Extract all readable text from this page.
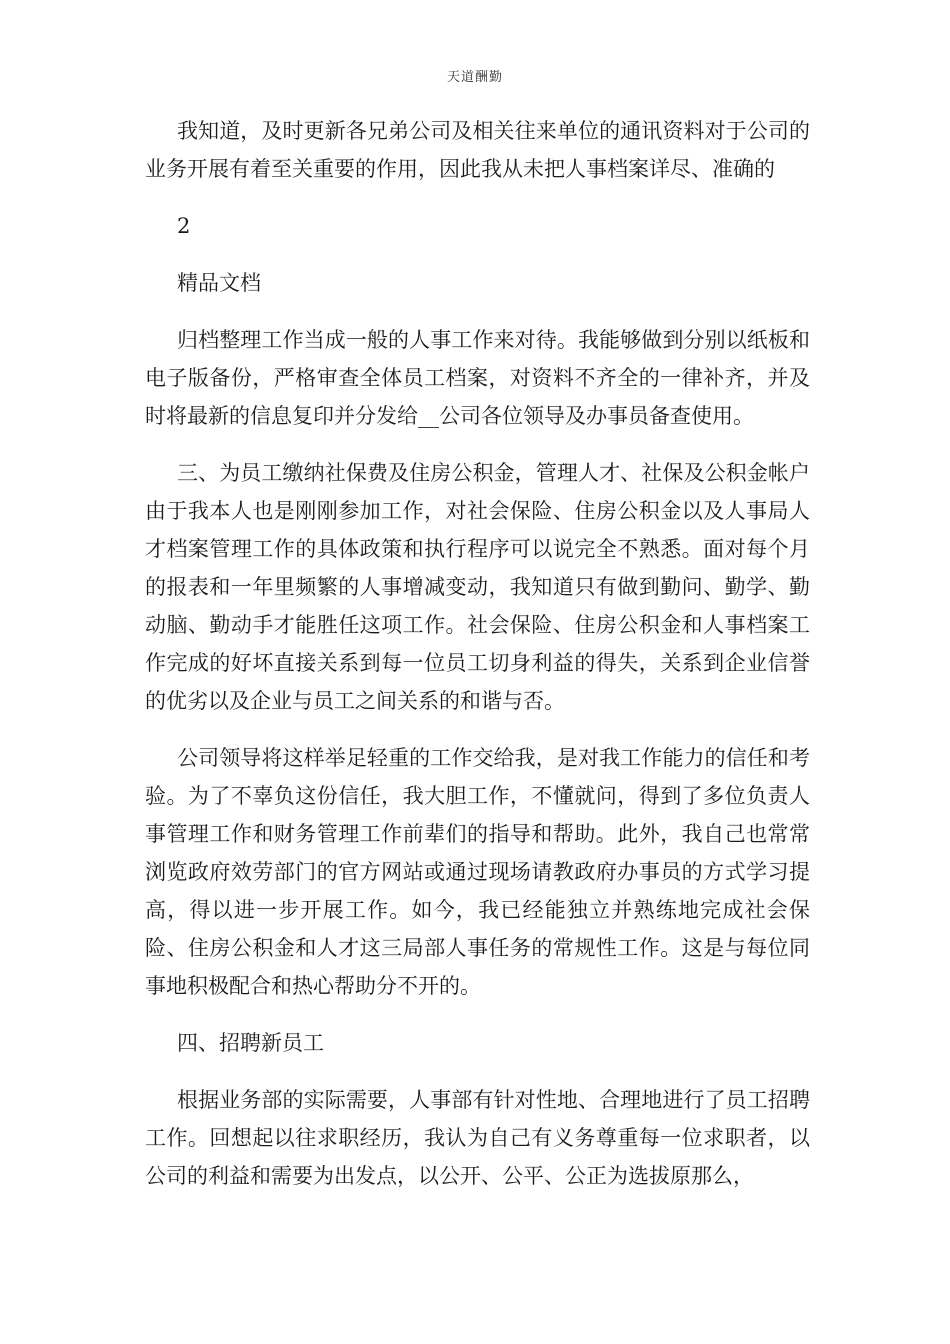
天道酬勤

我知道，及时更新各兄弟公司及相关往来单位的通讯资料对于公司的业务开展有着至关重要的作用，因此我从未把人事档案详尽、准确的

2

精品文档

归档整理工作当成一般的人事工作来对待。我能够做到分别以纸板和电子版备份，严格审查全体员工档案，对资料不齐全的一律补齐，并及时将最新的信息复印并分发给__公司各位领导及办事员备查使用。

三、为员工缴纳社保费及住房公积金，管理人才、社保及公积金帐户由于我本人也是刚刚参加工作，对社会保险、住房公积金以及人事局人才档案管理工作的具体政策和执行程序可以说完全不熟悉。面对每个月的报表和一年里频繁的人事增减变动，我知道只有做到勤问、勤学、勤动脑、勤动手才能胜任这项工作。社会保险、住房公积金和人事档案工作完成的好坏直接关系到每一位员工切身利益的得失，关系到企业信誉的优劣以及企业与员工之间关系的和谐与否。

公司领导将这样举足轻重的工作交给我，是对我工作能力的信任和考验。为了不辜负这份信任，我大胆工作，不懂就问，得到了多位负责人事管理工作和财务管理工作前辈们的指导和帮助。此外，我自己也常常浏览政府效劳部门的官方网站或通过现场请教政府办事员的方式学习提高，得以进一步开展工作。如今，我已经能独立并熟练地完成社会保险、住房公积金和人才这三局部人事任务的常规性工作。这是与每位同事地积极配合和热心帮助分不开的。

四、招聘新员工

根据业务部的实际需要，人事部有针对性地、合理地进行了员工招聘工作。回想起以往求职经历，我认为自己有义务尊重每一位求职者，以公司的利益和需要为出发点，以公开、公平、公正为选拔原那么，
